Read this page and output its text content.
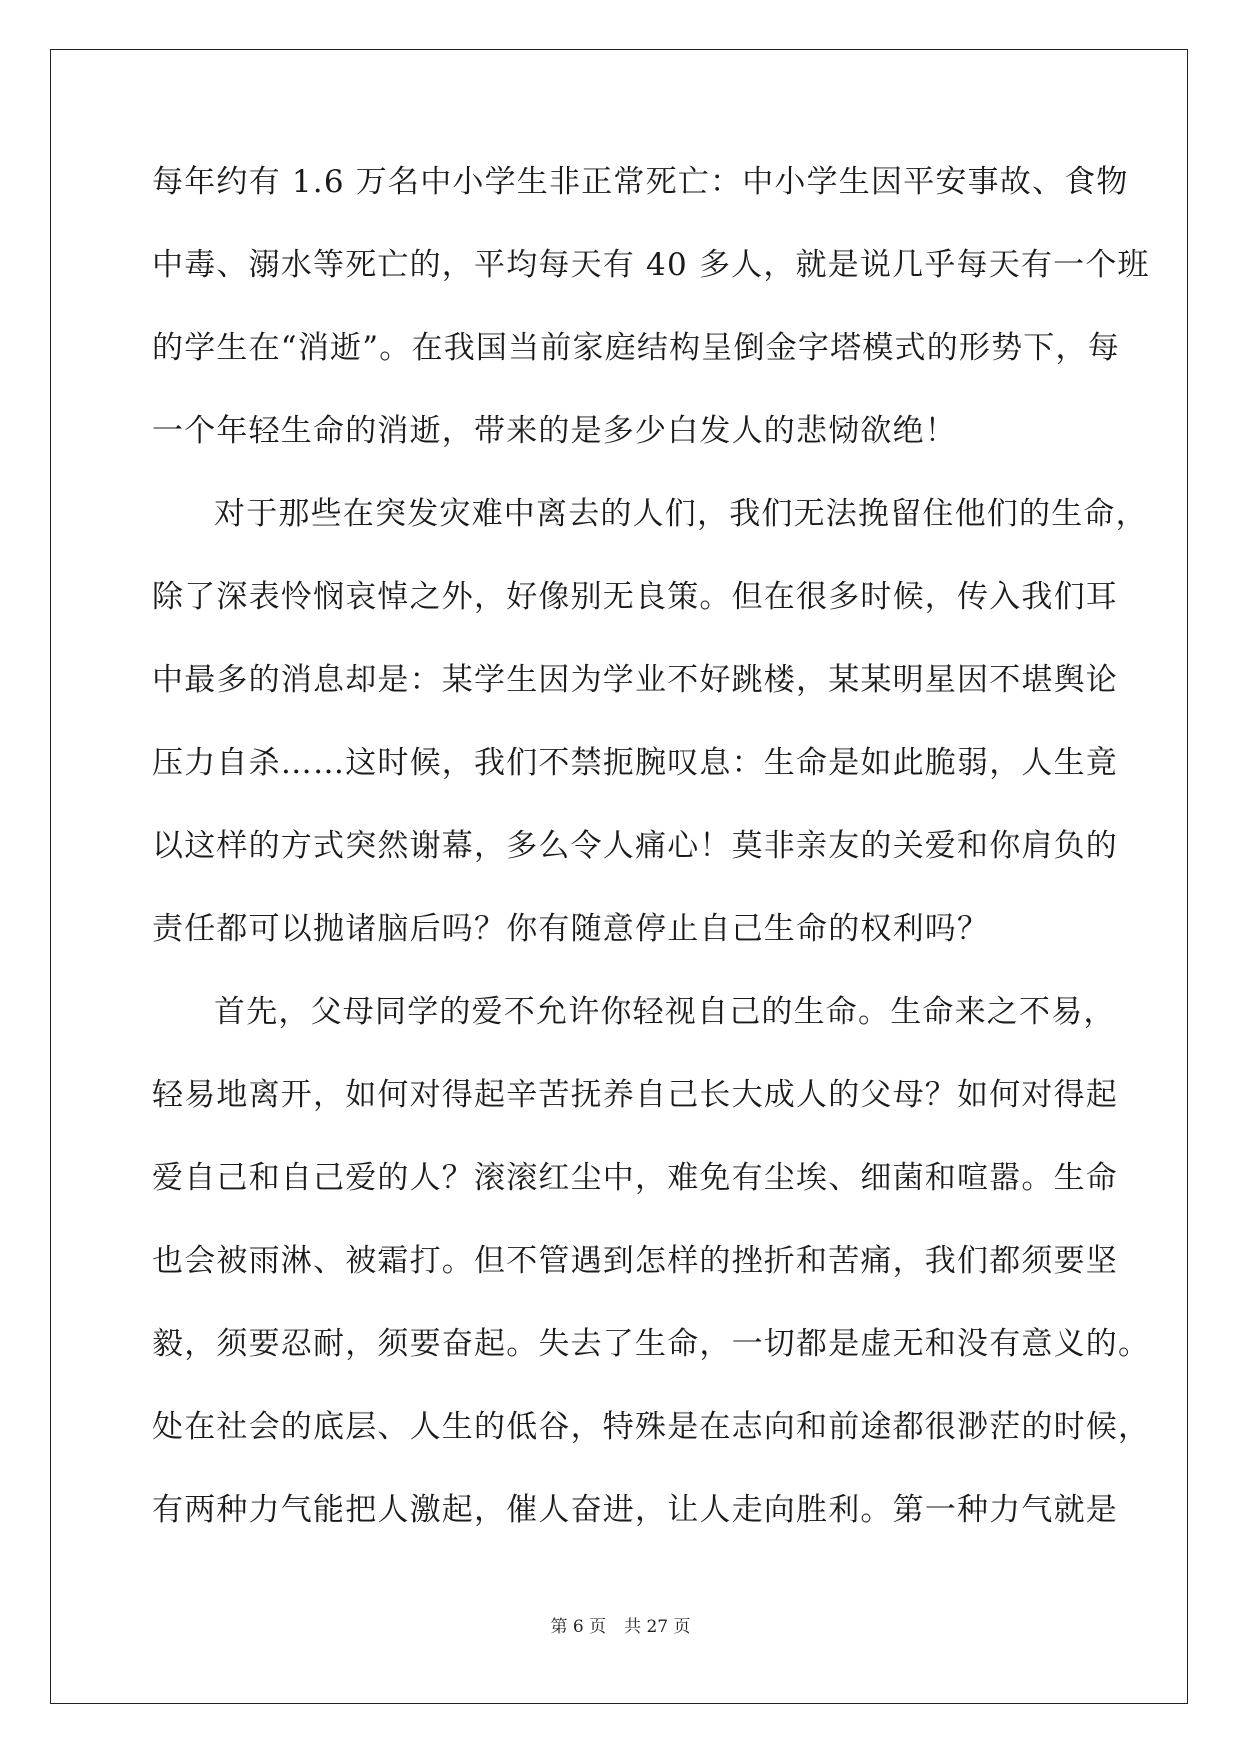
每年约有 1.6 万名中小学生非正常死亡：中小学生因平安事故、食物
中毒、溺水等死亡的，平均每天有 40 多人，就是说几乎每天有一个班
的学生在“消逝”。在我国当前家庭结构呈倒金字塔模式的形势下，每
一个年轻生命的消逝，带来的是多少白发人的悲恸欲绝！
对于那些在突发灾难中离去的人们，我们无法挽留住他们的生命，
除了深表怜悯哀悼之外，好像别无良策。但在很多时候，传入我们耳
中最多的消息却是：某学生因为学业不好跳楼，某某明星因不堪舆论
压力自杀……这时候，我们不禁扼腕叹息：生命是如此脆弱，人生竟
以这样的方式突然谢幕，多么令人痛心！莫非亲友的关爱和你肩负的
责任都可以抛诸脑后吗？你有随意停止自己生命的权利吗？
首先，父母同学的爱不允许你轻视自己的生命。生命来之不易，
轻易地离开，如何对得起辛苦抚养自己长大成人的父母？如何对得起
爱自己和自己爱的人？滚滚红尘中，难免有尘埃、细菌和喧嚣。生命
也会被雨淋、被霜打。但不管遇到怎样的挫折和苦痛，我们都须要坚
毅，须要忍耐，须要奋起。失去了生命，一切都是虚无和没有意义的。
处在社会的底层、人生的低谷，特殊是在志向和前途都很渺茫的时候，
有两种力气能把人激起，催人奋进，让人走向胜利。第一种力气就是
第 6 页 共 27 页
